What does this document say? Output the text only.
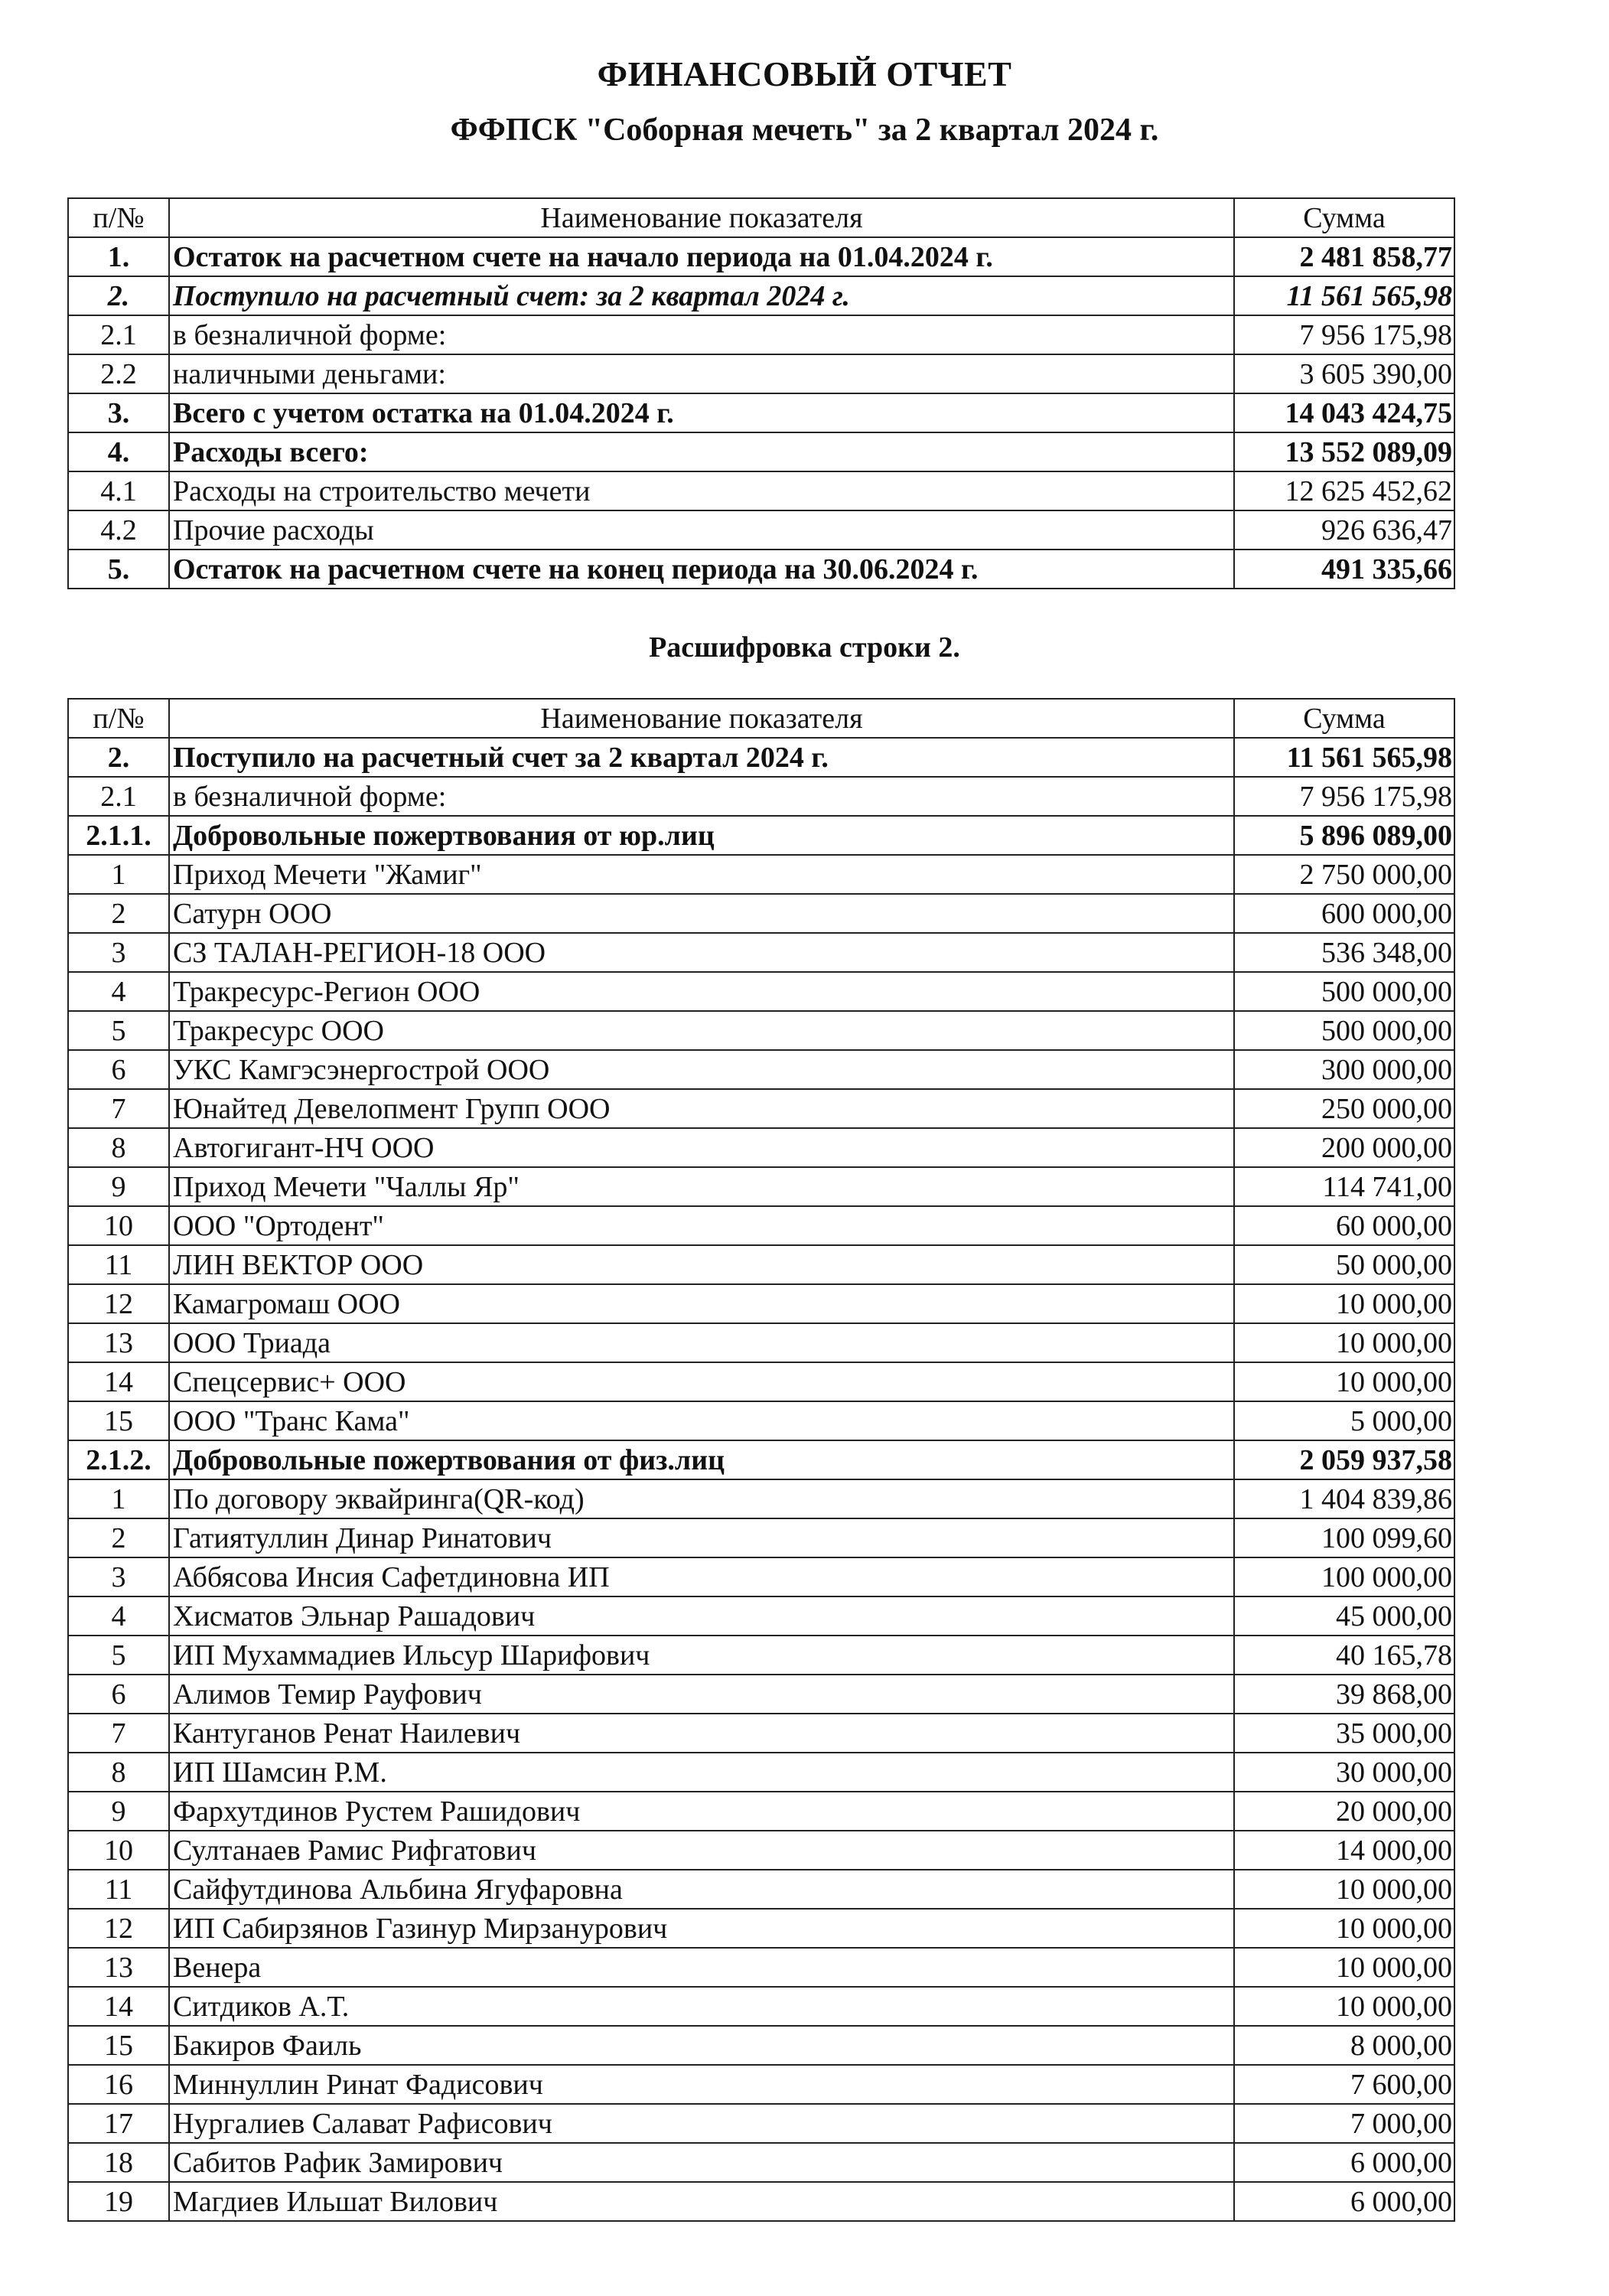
ФИНАНСОВЫЙ ОТЧЕТ
ФФПСК "Соборная мечеть" за 2 квартал 2024 г.
п/№	Наименование показателя	Сумма
1.	Остаток на расчетном счете на начало периода на 01.04.2024 г.	2 481 858,77
2.	Поступило на расчетный счет: за 2 квартал 2024 г.	11 561 565,98
2.1	в безналичной форме:	7 956 175,98
2.2	наличными деньгами:	3 605 390,00
3.	Всего с учетом остатка на 01.04.2024 г.	14 043 424,75
4.	Расходы всего:	13 552 089,09
4.1	Расходы на строительство мечети	12 625 452,62
4.2	Прочие расходы	926 636,47
5.	Остаток на расчетном счете на конец периода на 30.06.2024 г.	491 335,66
Расшифровка строки 2.
п/№	Наименование показателя	Сумма
2.	Поступило на расчетный счет за 2 квартал 2024 г.	11 561 565,98
2.1	в безналичной форме:	7 956 175,98
2.1.1.	Добровольные пожертвования от юр.лиц	5 896 089,00
1	Приход Мечети "Жамиг"	2 750 000,00
2	Сатурн ООО	600 000,00
3	СЗ ТАЛАН-РЕГИОН-18 ООО	536 348,00
4	Тракресурс-Регион ООО	500 000,00
5	Тракресурс ООО	500 000,00
6	УКС Камгэсэнергострой ООО	300 000,00
7	Юнайтед Девелопмент Групп ООО	250 000,00
8	Автогигант-НЧ ООО	200 000,00
9	Приход Мечети "Чаллы Яр"	114 741,00
10	ООО "Ортодент"	60 000,00
11	ЛИН ВЕКТОР ООО	50 000,00
12	Камагромаш ООО	10 000,00
13	ООО Триада	10 000,00
14	Спецсервис+ ООО	10 000,00
15	ООО "Транс Кама"	5 000,00
2.1.2.	Добровольные пожертвования от физ.лиц	2 059 937,58
1	По договору эквайринга(QR-код)	1 404 839,86
2	Гатиятуллин Динар Ринатович	100 099,60
3	Аббясова Инсия Сафетдиновна ИП	100 000,00
4	Хисматов Эльнар Рашадович	45 000,00
5	ИП Мухаммадиев Ильсур Шарифович	40 165,78
6	Алимов Темир Рауфович	39 868,00
7	Кантуганов Ренат Наилевич	35 000,00
8	ИП Шамсин Р.М.	30 000,00
9	Фархутдинов Рустем Рашидович	20 000,00
10	Султанаев Рамис Рифгатович	14 000,00
11	Сайфутдинова Альбина Ягуфаровна	10 000,00
12	ИП Сабирзянов Газинур Мирзанурович	10 000,00
13	Венера	10 000,00
14	Ситдиков А.Т.	10 000,00
15	Бакиров Фаиль	8 000,00
16	Миннуллин Ринат Фадисович	7 600,00
17	Нургалиев Салават Рафисович	7 000,00
18	Сабитов Рафик Замирович	6 000,00
19	Магдиев Ильшат Вилович	6 000,00
